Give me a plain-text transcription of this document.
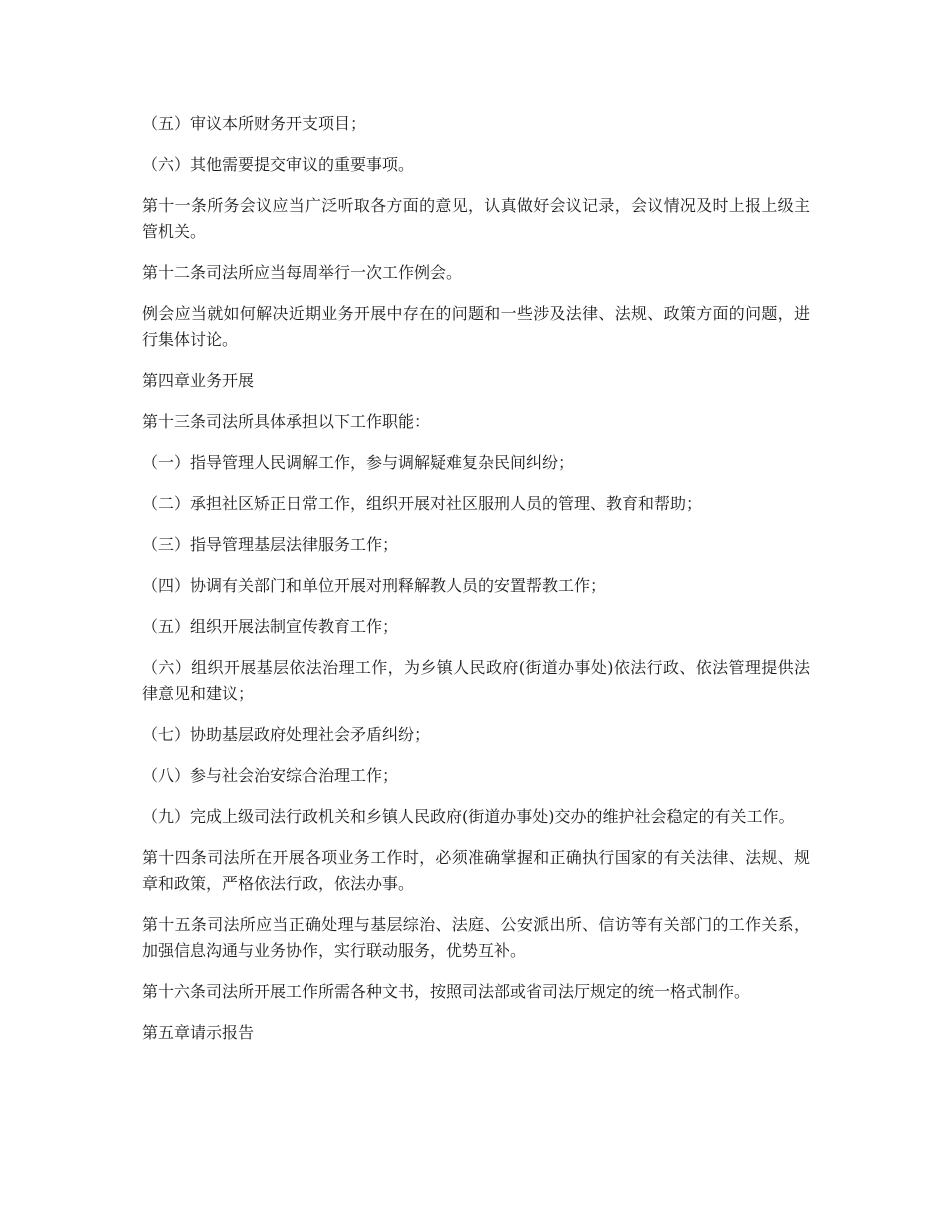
（五）审议本所财务开支项目；

（六）其他需要提交审议的重要事项。

第十一条所务会议应当广泛听取各方面的意见，认真做好会议记录，会议情况及时上报上级主管机关。

第十二条司法所应当每周举行一次工作例会。

例会应当就如何解决近期业务开展中存在的问题和一些涉及法律、法规、政策方面的问题，进行集体讨论。

第四章业务开展

第十三条司法所具体承担以下工作职能：

（一）指导管理人民调解工作，参与调解疑难复杂民间纠纷；

（二）承担社区矫正日常工作，组织开展对社区服刑人员的管理、教育和帮助；

（三）指导管理基层法律服务工作；

（四）协调有关部门和单位开展对刑释解教人员的安置帮教工作；

（五）组织开展法制宣传教育工作；

（六）组织开展基层依法治理工作，为乡镇人民政府(街道办事处)依法行政、依法管理提供法律意见和建议；

（七）协助基层政府处理社会矛盾纠纷；

（八）参与社会治安综合治理工作；

（九）完成上级司法行政机关和乡镇人民政府(街道办事处)交办的维护社会稳定的有关工作。

第十四条司法所在开展各项业务工作时，必须准确掌握和正确执行国家的有关法律、法规、规章和政策，严格依法行政，依法办事。

第十五条司法所应当正确处理与基层综治、法庭、公安派出所、信访等有关部门的工作关系，加强信息沟通与业务协作，实行联动服务，优势互补。

第十六条司法所开展工作所需各种文书，按照司法部或省司法厅规定的统一格式制作。

第五章请示报告
